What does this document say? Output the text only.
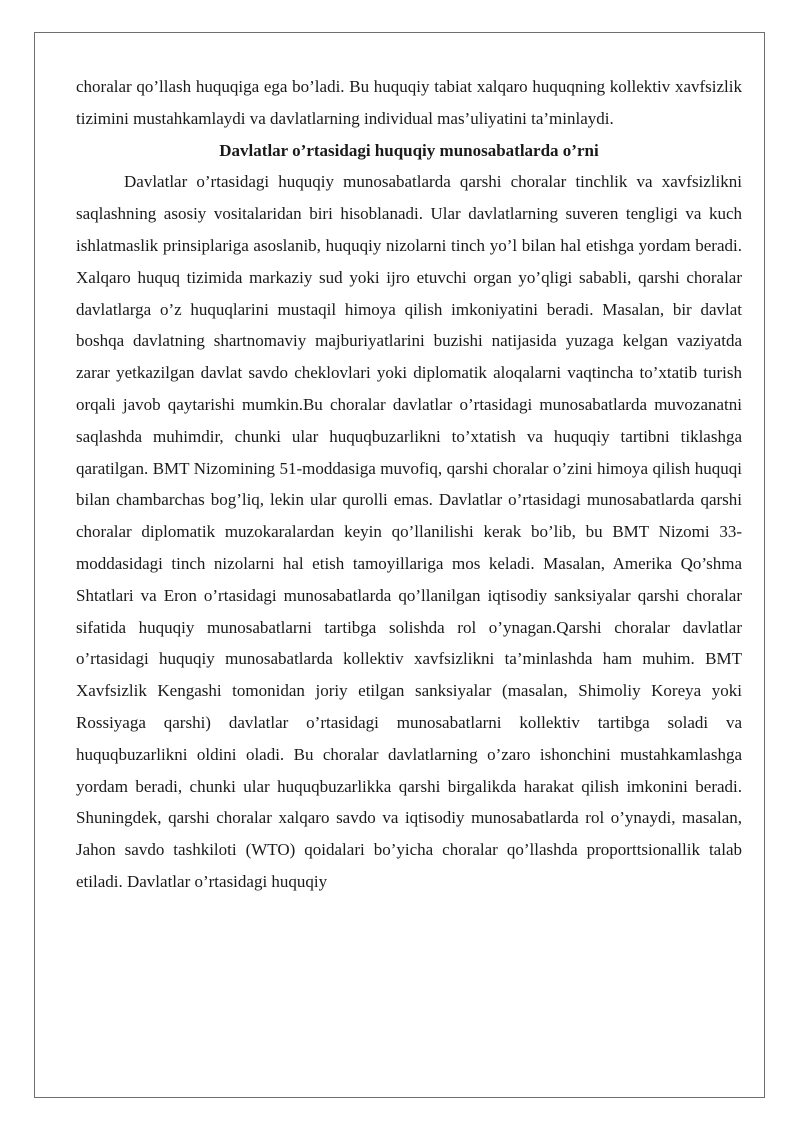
choralar qo’llash huquqiga ega bo’ladi. Bu huquqiy tabiat xalqaro huquqning kollektiv xavfsizlik tizimini mustahkamlaydi va davlatlarning individual mas’uliyatini ta’minlaydi.

Davlatlar o’rtasidagi huquqiy munosabatlarda o’rni

Davlatlar o’rtasidagi huquqiy munosabatlarda qarshi choralar tinchlik va xavfsizlikni saqlashning asosiy vositalaridan biri hisoblanadi. Ular davlatlarning suveren tengligi va kuch ishlatmaslik prinsiplariga asoslanib, huquqiy nizolarni tinch yo’l bilan hal etishga yordam beradi. Xalqaro huquq tizimida markaziy sud yoki ijro etuvchi organ yo’qligi sababli, qarshi choralar davlatlarga o’z huquqlarini mustaqil himoya qilish imkoniyatini beradi. Masalan, bir davlat boshqa davlatning shartnomaviy majburiyatlarini buzishi natijasida yuzaga kelgan vaziyatda zarar yetkazilgan davlat savdo cheklovlari yoki diplomatik aloqalarni vaqtincha to’xtatib turish orqali javob qaytarishi mumkin.Bu choralar davlatlar o’rtasidagi munosabatlarda muvozanatni saqlashda muhimdir, chunki ular huquqbuzarlikni to’xtatish va huquqiy tartibni tiklashga qaratilgan. BMT Nizomining 51-moddasiga muvofiq, qarshi choralar o’zini himoya qilish huquqi bilan chambarchas bog’liq, lekin ular qurolli emas. Davlatlar o’rtasidagi munosabatlarda qarshi choralar diplomatik muzokaralardan keyin qo’llanilishi kerak bo’lib, bu BMT Nizomi 33-moddasidagi tinch nizolarni hal etish tamoyillariga mos keladi. Masalan, Amerika Qo’shma Shtatlari va Eron o’rtasidagi munosabatlarda qo’llanilgan iqtisodiy sanksiyalar qarshi choralar sifatida huquqiy munosabatlarni tartibga solishda rol o’ynagan.Qarshi choralar davlatlar o’rtasidagi huquqiy munosabatlarda kollektiv xavfsizlikni ta’minlashda ham muhim. BMT Xavfsizlik Kengashi tomonidan joriy etilgan sanksiyalar (masalan, Shimoliy Koreya yoki Rossiyaga qarshi) davlatlar o’rtasidagi munosabatlarni kollektiv tartibga soladi va huquqbuzarlikni oldini oladi. Bu choralar davlatlarning o’zaro ishonchini mustahkamlashga yordam beradi, chunki ular huquqbuzarlikka qarshi birgalikda harakat qilish imkonini beradi. Shuningdek, qarshi choralar xalqaro savdo va iqtisodiy munosabatlarda rol o’ynaydi, masalan, Jahon savdo tashkiloti (WTO) qoidalari bo’yicha choralar qo’llashda proporttsionallik talab etiladi. Davlatlar o’rtasidagi huquqiy
